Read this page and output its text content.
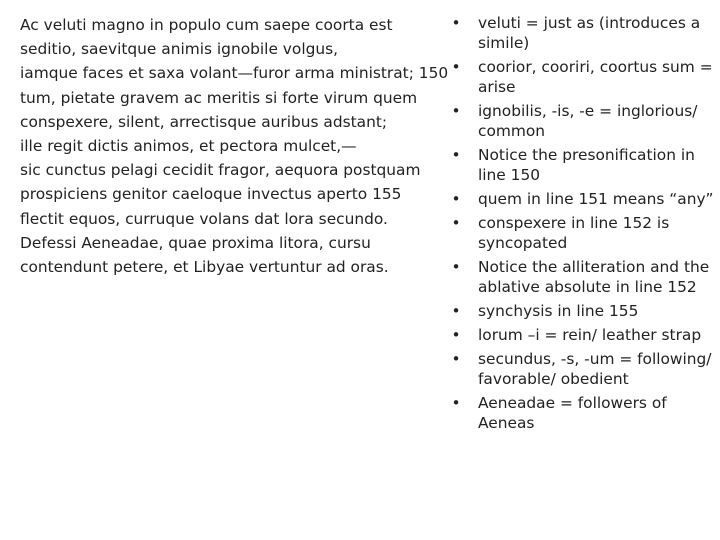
Ac veluti magno in populo cum saepe coorta est
seditio, saevitque animis ignobile volgus,
iamque faces et saxa volant—furor arma ministrat; 150
tum, pietate gravem ac meritis si forte virum quem
conspexere, silent, arrectisque auribus adstant;
ille regit dictis animos, et pectora mulcet,—
sic cunctus pelagi cecidit fragor, aequora postquam
prospiciens genitor caeloque invectus aperto 155
flectit equos, curruque volans dat lora secundo.
Defessi Aeneadae, quae proxima litora, cursu
contendunt petere, et Libyae vertuntur ad oras.
• veluti = just as (introduces a simile)
• coorior, cooriri, coortus sum = arise
• ignobilis, -is, -e = inglorious/ common
• Notice the presonification in line 150
• quem in line 151 means “any”
• conspexere in line 152 is syncopated
• Notice the alliteration and the ablative absolute in line 152
• synchysis in line 155
• lorum –i = rein/ leather strap
• secundus, -s, -um = following/ favorable/ obedient
• Aeneadae = followers of Aeneas
